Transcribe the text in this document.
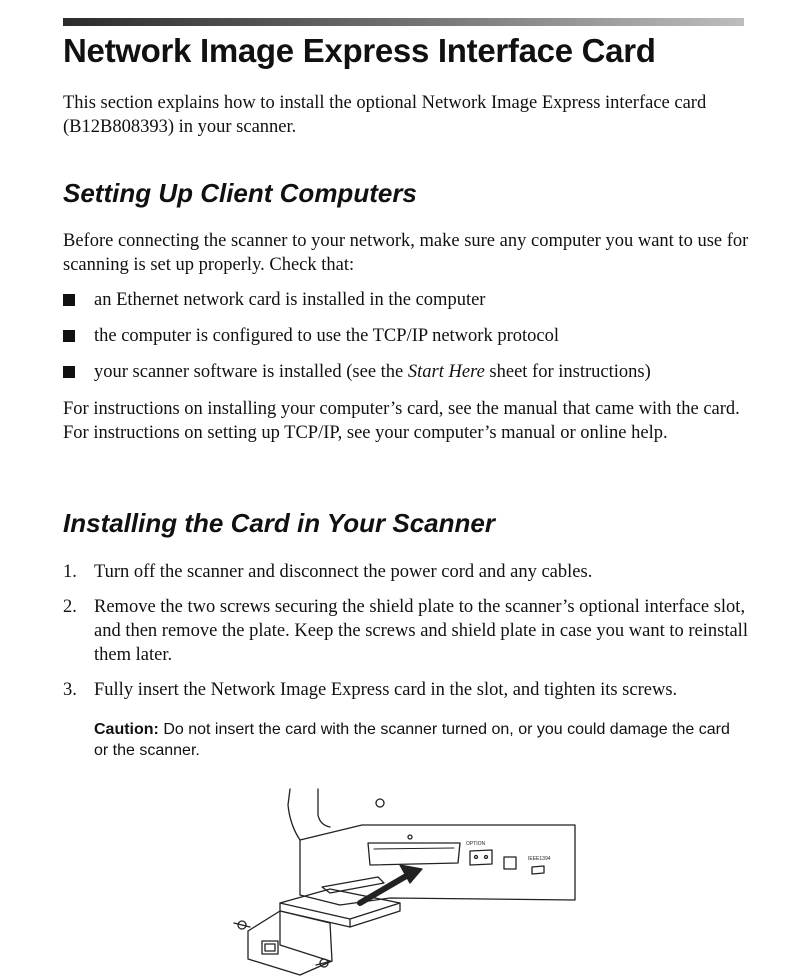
Network Image Express Interface Card

This section explains how to install the optional Network Image Express interface card (B12B808393) in your scanner.

Setting Up Client Computers

Before connecting the scanner to your network, make sure any computer you want to use for scanning is set up properly. Check that:

an Ethernet network card is installed in the computer
the computer is configured to use the TCP/IP network protocol
your scanner software is installed (see the Start Here sheet for instructions)

For instructions on installing your computer’s card, see the manual that came with the card. For instructions on setting up TCP/IP, see your computer’s manual or online help.

Installing the Card in Your Scanner
1. Turn off the scanner and disconnect the power cord and any cables.
2. Remove the two screws securing the shield plate to the scanner’s optional interface slot, and then remove the plate. Keep the screws and shield plate in case you want to reinstall them later.
3. Fully insert the Network Image Express card in the slot, and tighten its screws.

Caution: Do not insert the card with the scanner turned on, or you could damage the card or the scanner.

OPTION
IEEE1394
